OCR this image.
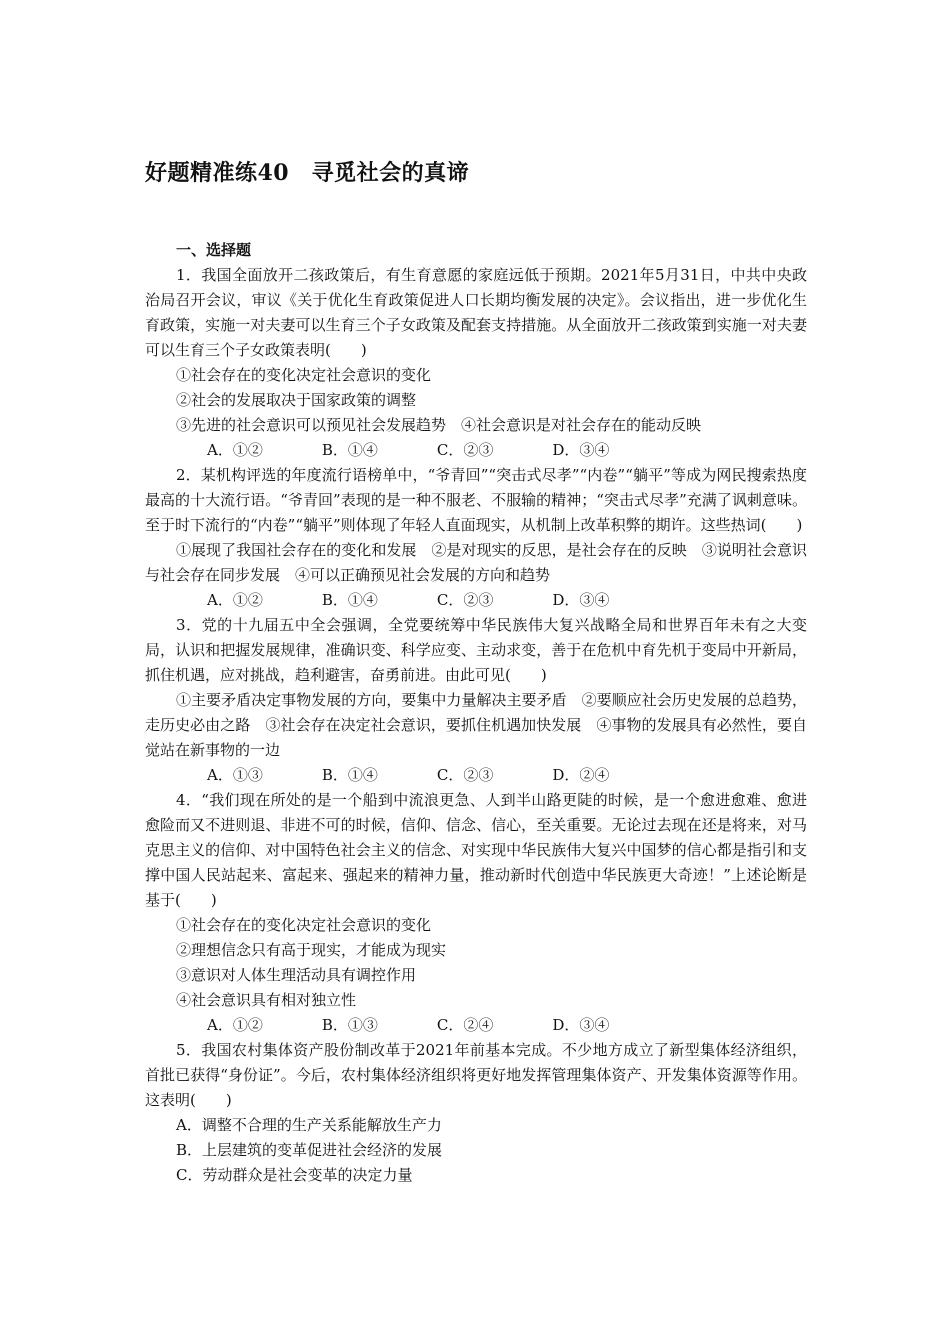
好题精准练40　寻觅社会的真谛

一、选择题

1．我国全面放开二孩政策后，有生育意愿的家庭远低于预期。2021年5月31日，中共中央政治局召开会议，审议《关于优化生育政策促进人口长期均衡发展的决定》。会议指出，进一步优化生育政策，实施一对夫妻可以生育三个子女政策及配套支持措施。从全面放开二孩政策到实施一对夫妻可以生育三个子女政策表明(　　)

①社会存在的变化决定社会意识的变化

②社会的发展取决于国家政策的调整

③先进的社会意识可以预见社会发展趋势　④社会意识是对社会存在的能动反映

A．①②	B．①④	C．②③	D．③④

2．某机构评选的年度流行语榜单中，“爷青回”“突击式尽孝”“内卷”“躺平”等成为网民搜索热度最高的十大流行语。“爷青回”表现的是一种不服老、不服输的精神；“突击式尽孝”充满了讽刺意味。至于时下流行的“内卷”“躺平”则体现了年轻人直面现实，从机制上改革积弊的期许。这些热词(　　)

①展现了我国社会存在的变化和发展　②是对现实的反思，是社会存在的反映　③说明社会意识与社会存在同步发展　④可以正确预见社会发展的方向和趋势

A．①②	B．①④	C．②③	D．③④

3．党的十九届五中全会强调，全党要统筹中华民族伟大复兴战略全局和世界百年未有之大变局，认识和把握发展规律，准确识变、科学应变、主动求变，善于在危机中育先机于变局中开新局，抓住机遇，应对挑战，趋利避害，奋勇前进。由此可见(　　)

①主要矛盾决定事物发展的方向，要集中力量解决主要矛盾　②要顺应社会历史发展的总趋势，走历史必由之路　③社会存在决定社会意识，要抓住机遇加快发展　④事物的发展具有必然性，要自觉站在新事物的一边

A．①③	B．①④	C．②③	D．②④

4．“我们现在所处的是一个船到中流浪更急、人到半山路更陡的时候，是一个愈进愈难、愈进愈险而又不进则退、非进不可的时候，信仰、信念、信心，至关重要。无论过去现在还是将来，对马克思主义的信仰、对中国特色社会主义的信念、对实现中华民族伟大复兴中国梦的信心都是指引和支撑中国人民站起来、富起来、强起来的精神力量，推动新时代创造中华民族更大奇迹！”上述论断是基于(　　)

①社会存在的变化决定社会意识的变化

②理想信念只有高于现实，才能成为现实

③意识对人体生理活动具有调控作用

④社会意识具有相对独立性

A．①②	B．①③	C．②④	D．③④

5．我国农村集体资产股份制改革于2021年前基本完成。不少地方成立了新型集体经济组织，首批已获得“身份证”。今后，农村集体经济组织将更好地发挥管理集体资产、开发集体资源等作用。这表明(　　)

A．调整不合理的生产关系能解放生产力

B．上层建筑的变革促进社会经济的发展

C．劳动群众是社会变革的决定力量
